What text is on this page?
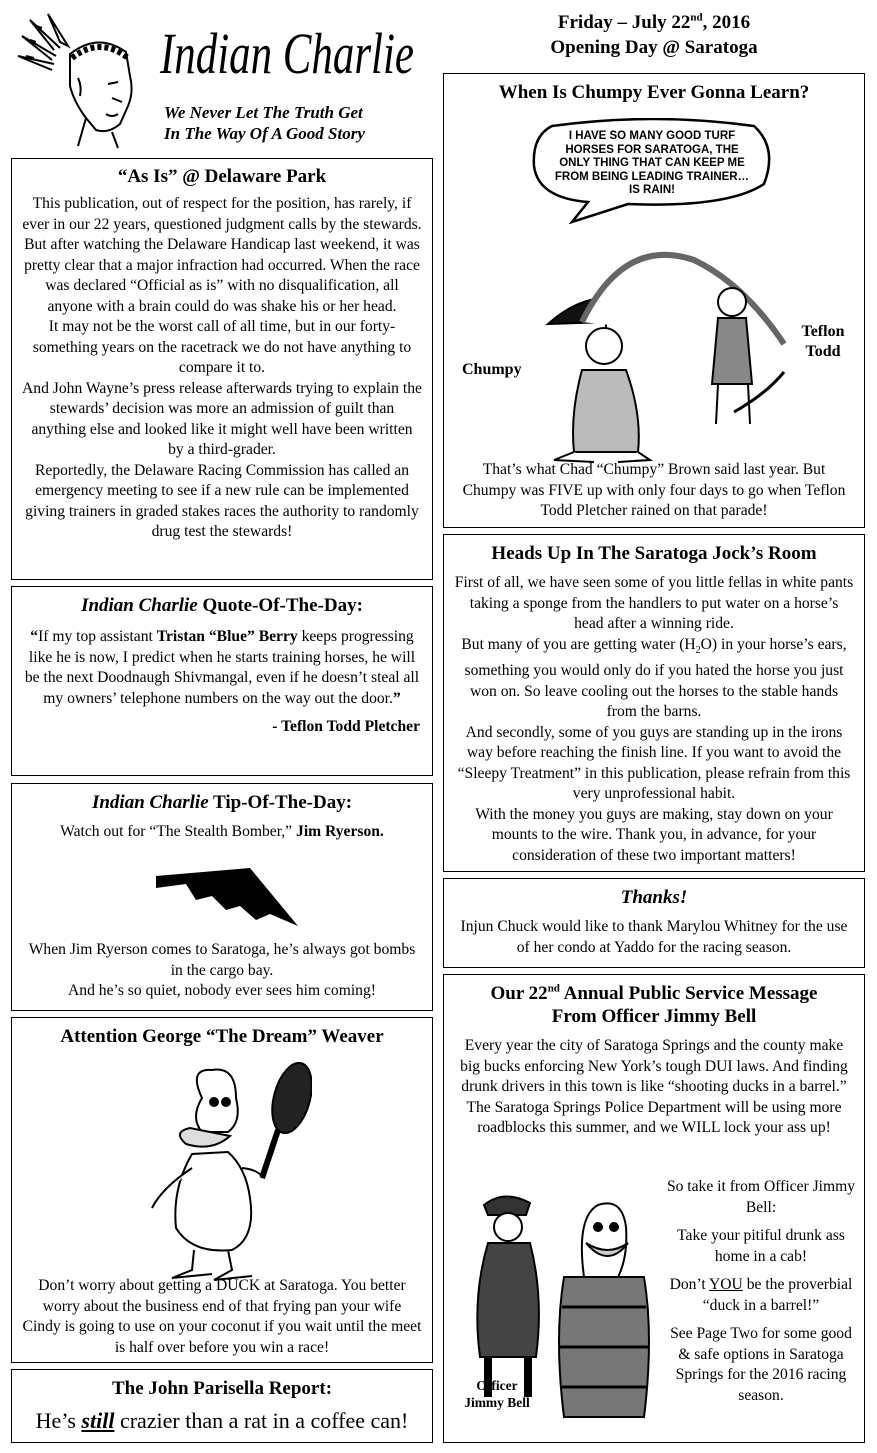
Indian Charlie
We Never Let The Truth Get
In The Way Of A Good Story
Friday – July 22nd, 2016
Opening Day @ Saratoga
“As Is” @ Delaware Park

This publication, out of respect for the position, has rarely, if ever in our 22 years, questioned judgment calls by the stewards. But after watching the Delaware Handicap last weekend, it was pretty clear that a major infraction had occurred. When the race was declared “Official as is” with no disqualification, all anyone with a brain could do was shake his or her head.

It may not be the worst call of all time, but in our forty-something years on the racetrack we do not have anything to compare it to.

And John Wayne’s press release afterwards trying to explain the stewards’ decision was more an admission of guilt than anything else and looked like it might well have been written by a third-grader.

Reportedly, the Delaware Racing Commission has called an emergency meeting to see if a new rule can be implemented giving trainers in graded stakes races the authority to randomly drug test the stewards!

Indian Charlie Quote-Of-The-Day:
“If my top assistant Tristan “Blue” Berry keeps progressing like he is now, I predict when he starts training horses, he will be the next Doodnaugh Shivmangal, even if he doesn’t steal all my owners’ telephone numbers on the way out the door.”
- Teflon Todd Pletcher
Indian Charlie Tip-Of-The-Day:
Watch out for “The Stealth Bomber,” Jim Ryerson.

When Jim Ryerson comes to Saratoga, he’s always got bombs in the cargo bay.

And he’s so quiet, nobody ever sees him coming!

Attention George “The Dream” Weaver
Don’t worry about getting a DUCK at Saratoga. You better worry about the business end of that frying pan your wife Cindy is going to use on your coconut if you wait until the meet is half over before you win a race!
The John Parisella Report:
He’s still crazier than a rat in a coffee can!
When Is Chumpy Ever Gonna Learn?
I HAVE SO MANY GOOD TURF HORSES FOR SARATOGA, THE ONLY THING THAT CAN KEEP ME FROM BEING LEADING TRAINER…IS RAIN!
Chumpy
Teflon
Todd
That’s what Chad “Chumpy” Brown said last year. But Chumpy was FIVE up with only four days to go when Teflon Todd Pletcher rained on that parade!
Heads Up In The Saratoga Jock’s Room

First of all, we have seen some of you little fellas in white pants taking a sponge from the handlers to put water on a horse’s head after a winning ride.

But many of you are getting water $(H_2O)$ in your horse’s ears, something you would only do if you hated the horse you just won on. So leave cooling out the horses to the stable hands from the barns.

And secondly, some of you guys are standing up in the irons way before reaching the finish line. If you want to avoid the “Sleepy Treatment” in this publication, please refrain from this very unprofessional habit.

With the money you guys are making, stay down on your mounts to the wire. Thank you, in advance, for your consideration of these two important matters!

Thanks!
Injun Chuck would like to thank Marylou Whitney for the use of her condo at Yaddo for the racing season.
Our 22nd Annual Public Service Message
From Officer Jimmy Bell
Every year the city of Saratoga Springs and the county make big bucks enforcing New York’s tough DUI laws. And finding drunk drivers in this town is like “shooting ducks in a barrel.” The Saratoga Springs Police Department will be using more roadblocks this summer, and we WILL lock your ass up!
Officer
Jimmy Bell

So take it from Officer Jimmy Bell:

Take your pitiful drunk ass home in a cab!

Don’t YOU be the proverbial “duck in a barrel!”

See Page Two for some good & safe options in Saratoga Springs for the 2016 racing season.
